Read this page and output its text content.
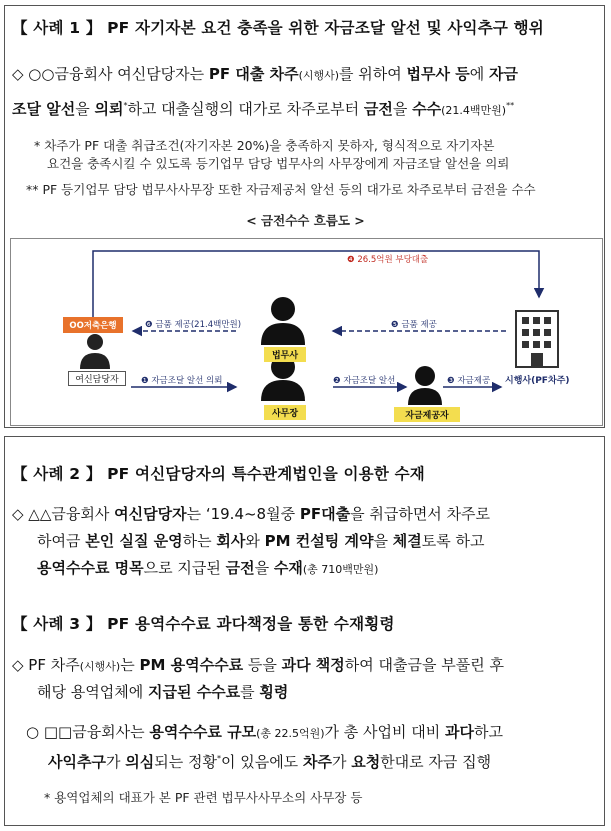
【 사례 1 】 PF 자기자본 요건 충족을 위한 자금조달 알선 및 사익추구 행위
◇ ○○금융회사 여신담당자는 PF 대출 차주(시행사)를 위하여 법무사 등에 자금
조달 알선을 의뢰*하고 대출실행의 대가로 차주로부터 금전을 수수(21.4백만원)**
* 차주가 PF 대출 취급조건(자기자본 20%)을 충족하지 못하자, 형식적으로 자기자본
요건을 충족시킬 수 있도록 등기업무 담당 법무사의 사무장에게 자금조달 알선을 의뢰
** PF 등기업무 담당 법무사사무장 또한 자금제공처 알선 등의 대가로 차주로부터 금전을 수수
< 금전수수 흐름도 >
○○법무사
사무소
OO저축은행
여신담당자
법무사
사무장	자금제공자
시행사(PF차주)
❹ 26.5억원 부당대출
❻ 금품 제공(21.4백만원)	❺ 금품 제공
❶ 자금조달 알선 의뢰	❷ 자금조달 알선	❸ 자금제공
【 사례 2 】 PF 여신담당자의 특수관계법인을 이용한 수재
◇ △△금융회사 여신담당자는 ‘19.4~8월중 PF대출을 취급하면서 차주로
하여금 본인 실질 운영하는 회사와 PM 컨설팅 계약을 체결토록 하고
용역수수료 명목으로 지급된 금전을 수재(총 710백만원)
【 사례 3 】 PF 용역수수료 과다책정을 통한 수재횡령
◇ PF 차주(시행사)는 PM 용역수수료 등을 과다 책정하여 대출금을 부풀린 후
해당 용역업체에 지급된 수수료를 횡령
○ □□금융회사는 용역수수료 규모(총 22.5억원)가 총 사업비 대비 과다하고
사익추구가 의심되는 정황*이 있음에도 차주가 요청한대로 자금 집행
* 용역업체의 대표가 본 PF 관련 법무사사무소의 사무장 등
